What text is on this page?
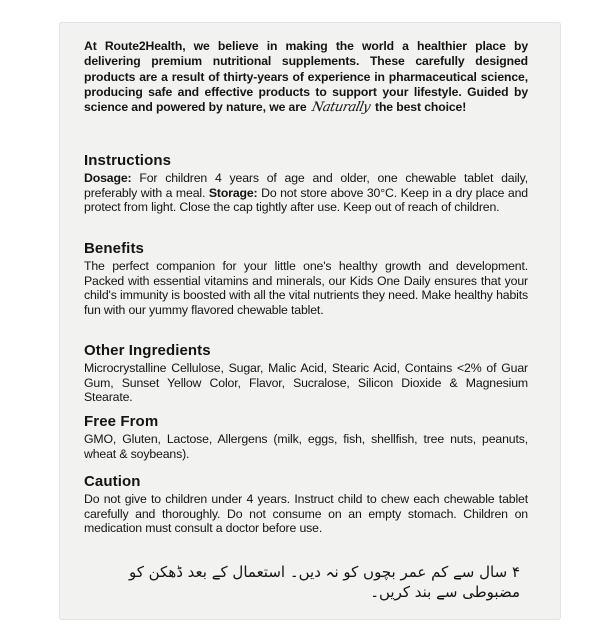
At Route2Health, we believe in making the world a healthier place by delivering premium nutritional supplements. These carefully designed products are a result of thirty-years of experience in pharmaceutical science, producing safe and effective products to support your lifestyle. Guided by science and powered by nature, we are Naturally the best choice!
Instructions
Dosage: For children 4 years of age and older, one chewable tablet daily, preferably with a meal. Storage: Do not store above 30°C. Keep in a dry place and protect from light. Close the cap tightly after use. Keep out of reach of children.
Benefits
The perfect companion for your little one's healthy growth and development. Packed with essential vitamins and minerals, our Kids One Daily ensures that your child's immunity is boosted with all the vital nutrients they need. Make healthy habits fun with our yummy flavored chewable tablet.
Other Ingredients
Microcrystalline Cellulose, Sugar, Malic Acid, Stearic Acid, Contains <2% of Guar Gum, Sunset Yellow Color, Flavor, Sucralose, Silicon Dioxide & Magnesium Stearate.
Free From
GMO, Gluten, Lactose, Allergens (milk, eggs, fish, shellfish, tree nuts, peanuts, wheat & soybeans).
Caution
Do not give to children under 4 years. Instruct child to chew each chewable tablet carefully and thoroughly. Do not consume on an empty stomach. Children on medication must consult a doctor before use.
۴ سال سے کم عمر بچوں کو نہ دیں۔ استعمال کے بعد ڈھکن کو مضبوطی سے بند کریں۔
